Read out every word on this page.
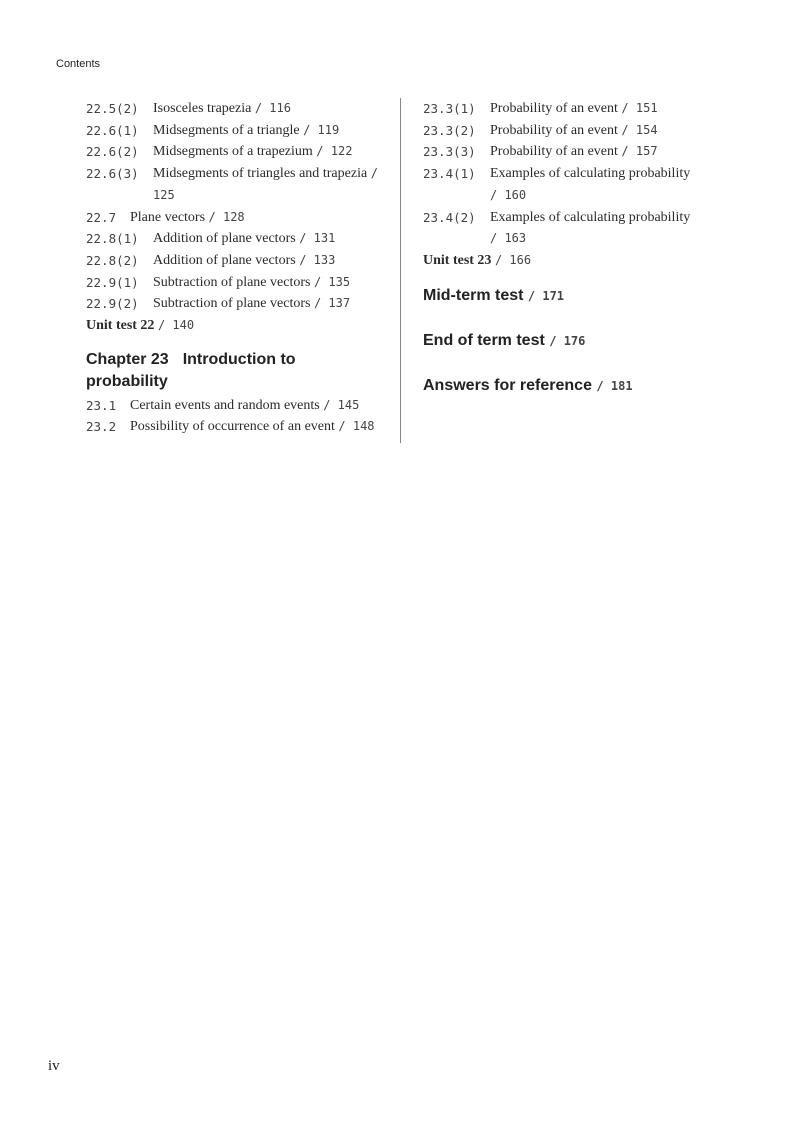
Contents
22.5(2)	Isosceles trapezia / 116
22.6(1)	Midsegments of a triangle / 119
22.6(2)	Midsegments of a trapezium / 122
22.6(3)	Midsegments of triangles and trapezia / 125
22.7 Plane vectors / 128
22.8(1)	Addition of plane vectors / 131
22.8(2)	Addition of plane vectors / 133
22.9(1)	Subtraction of plane vectors / 135
22.9(2)	Subtraction of plane vectors / 137
Unit test 22 / 140
Chapter 23 Introduction to probability
23.1 Certain events and random events / 145
23.2 Possibility of occurrence of an event / 148
23.3(1)	Probability of an event / 151
23.3(2)	Probability of an event / 154
23.3(3)	Probability of an event / 157
23.4(1)	Examples of calculating probability
/ 160
23.4(2)	Examples of calculating probability
/ 163
Unit test 23 / 166
Mid-term test / 171
End of term test / 176
Answers for reference / 181
iv
